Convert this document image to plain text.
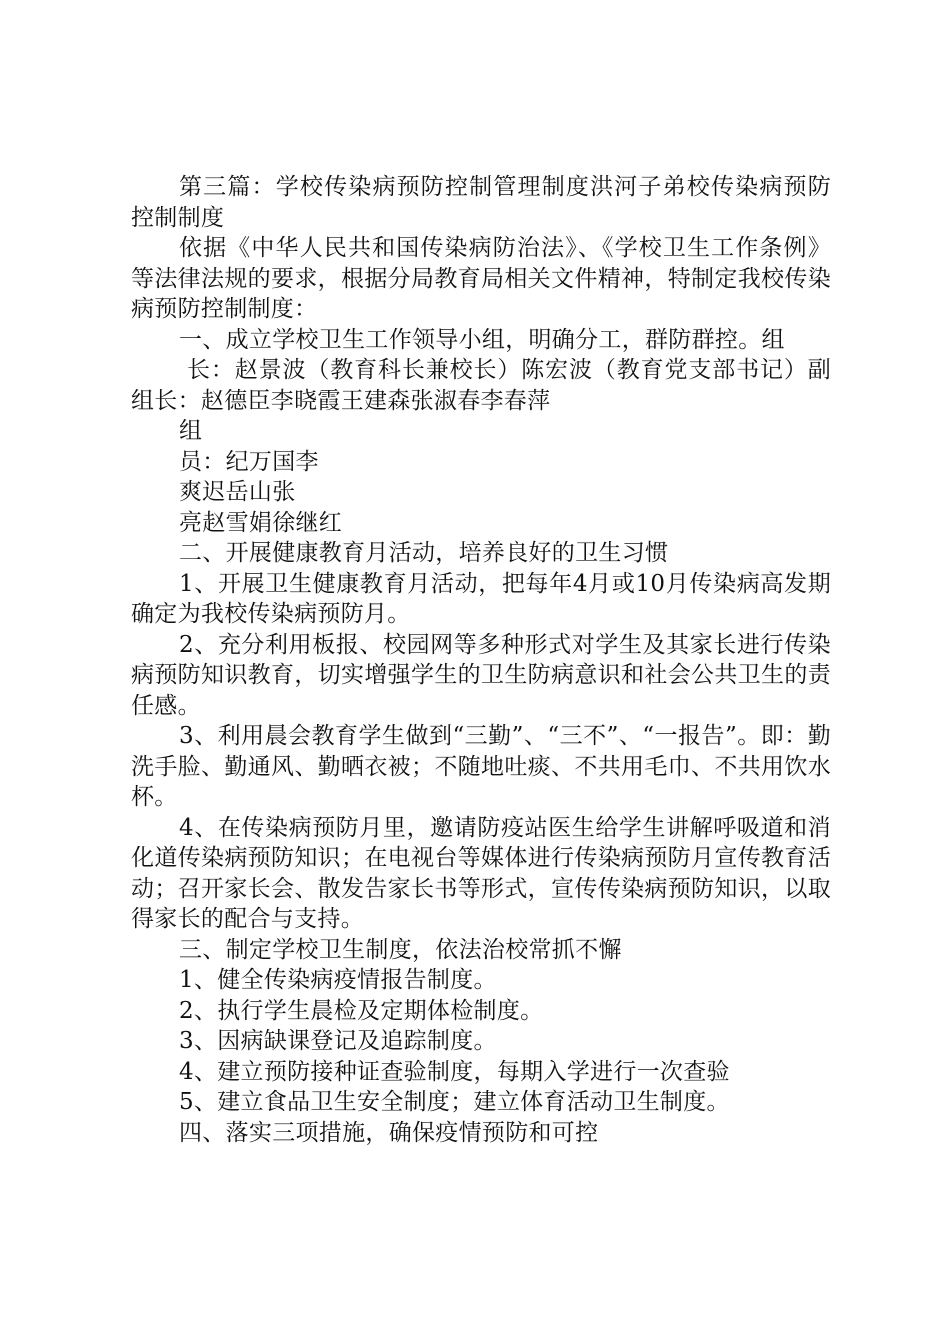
第三篇：学校传染病预防控制管理制度洪河子弟校传染病预防控制制度

依据《中华人民共和国传染病防治法》、《学校卫生工作条例》等法律法规的要求，根据分局教育局相关文件精神，特制定我校传染病预防控制制度：

一、成立学校卫生工作领导小组，明确分工，群防群控。组

长：赵景波（教育科长兼校长）陈宏波（教育党支部书记）副组长：赵德臣李晓霞王建森张淑春李春萍

组

员：纪万国李

爽迟岳山张

亮赵雪娟徐继红

二、开展健康教育月活动，培养良好的卫生习惯

1、开展卫生健康教育月活动，把每年4月或10月传染病高发期确定为我校传染病预防月。

2、充分利用板报、校园网等多种形式对学生及其家长进行传染病预防知识教育，切实增强学生的卫生防病意识和社会公共卫生的责任感。

3、利用晨会教育学生做到“三勤”、“三不”、“一报告”。即：勤洗手脸、勤通风、勤晒衣被；不随地吐痰、不共用毛巾、不共用饮水杯。

4、在传染病预防月里，邀请防疫站医生给学生讲解呼吸道和消化道传染病预防知识；在电视台等媒体进行传染病预防月宣传教育活动；召开家长会、散发告家长书等形式，宣传传染病预防知识，以取得家长的配合与支持。

三、制定学校卫生制度，依法治校常抓不懈

1、健全传染病疫情报告制度。

2、执行学生晨检及定期体检制度。

3、因病缺课登记及追踪制度。

4、建立预防接种证查验制度，每期入学进行一次查验

5、建立食品卫生安全制度；建立体育活动卫生制度。

四、落实三项措施，确保疫情预防和可控
